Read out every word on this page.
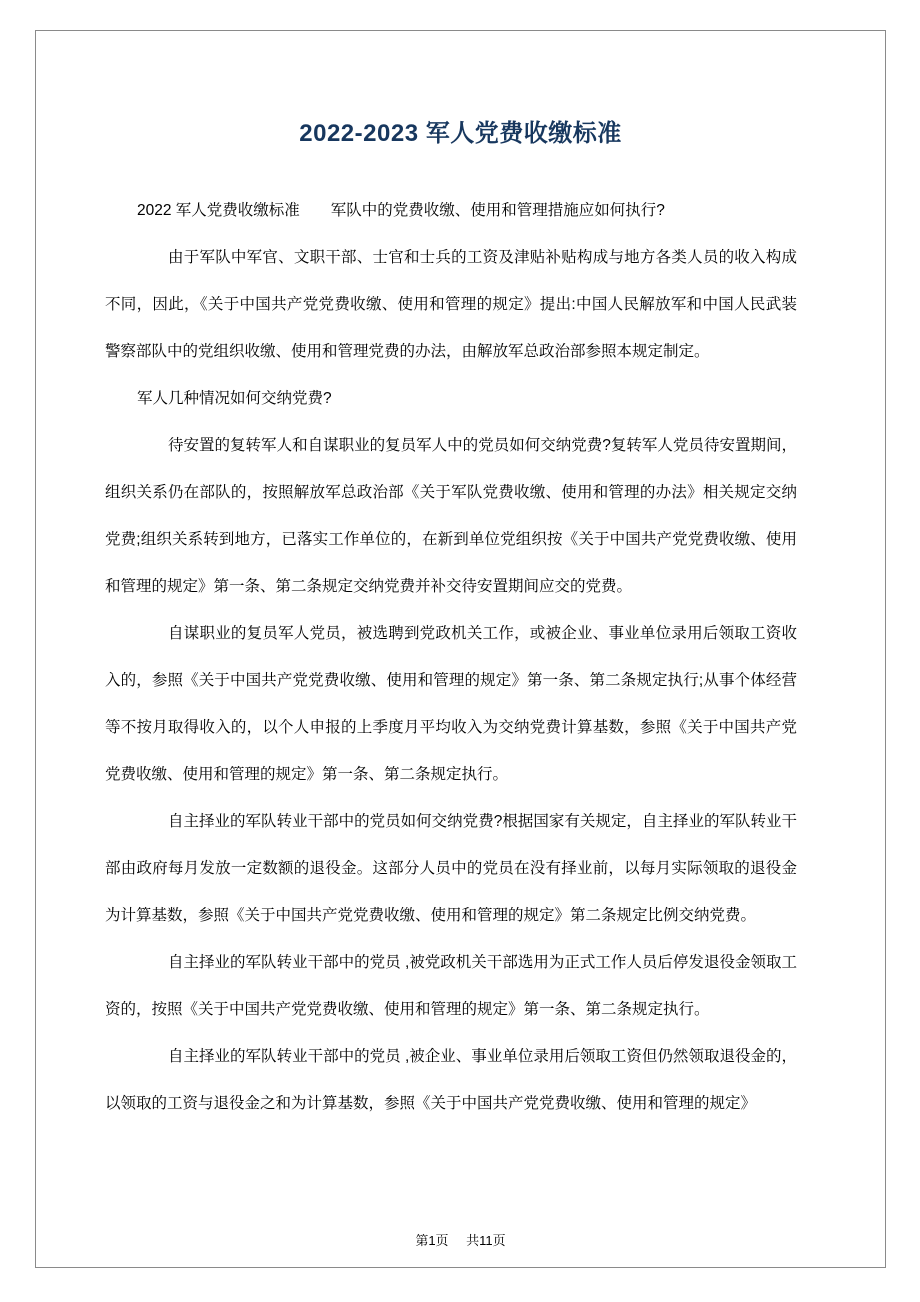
2022-2023 军人党费收缴标准

2022 军人党费收缴标准　　军队中的党费收缴、使用和管理措施应如何执行?

由于军队中军官、文职干部、士官和士兵的工资及津贴补贴构成与地方各类人员的收入构成不同，因此，《关于中国共产党党费收缴、使用和管理的规定》提出:中国人民解放军和中国人民武装警察部队中的党组织收缴、使用和管理党费的办法，由解放军总政治部参照本规定制定。

军人几种情况如何交纳党费?

待安置的复转军人和自谋职业的复员军人中的党员如何交纳党费?复转军人党员待安置期间，组织关系仍在部队的，按照解放军总政治部《关于军队党费收缴、使用和管理的办法》相关规定交纳党费;组织关系转到地方，已落实工作单位的，在新到单位党组织按《关于中国共产党党费收缴、使用和管理的规定》第一条、第二条规定交纳党费并补交待安置期间应交的党费。

自谋职业的复员军人党员，被选聘到党政机关工作，或被企业、事业单位录用后领取工资收入的，参照《关于中国共产党党费收缴、使用和管理的规定》第一条、第二条规定执行;从事个体经营等不按月取得收入的，以个人申报的上季度月平均收入为交纳党费计算基数，参照《关于中国共产党党费收缴、使用和管理的规定》第一条、第二条规定执行。

自主择业的军队转业干部中的党员如何交纳党费?根据国家有关规定，自主择业的军队转业干部由政府每月发放一定数额的退役金。这部分人员中的党员在没有择业前，以每月实际领取的退役金为计算基数，参照《关于中国共产党党费收缴、使用和管理的规定》第二条规定比例交纳党费。

自主择业的军队转业干部中的党员 ,被党政机关干部选用为正式工作人员后停发退役金领取工资的，按照《关于中国共产党党费收缴、使用和管理的规定》第一条、第二条规定执行。

自主择业的军队转业干部中的党员 ,被企业、事业单位录用后领取工资但仍然领取退役金的，以领取的工资与退役金之和为计算基数，参照《关于中国共产党党费收缴、使用和管理的规定》

第1页 共11页
